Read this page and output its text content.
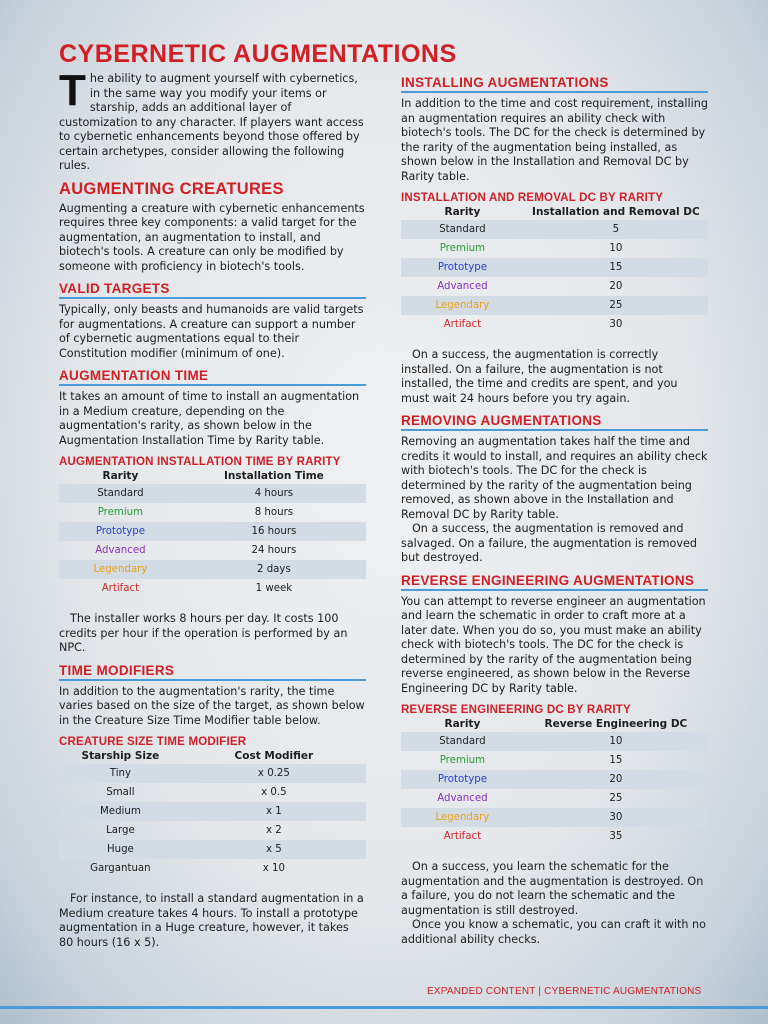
CYBERNETIC AUGMENTATIONS

The ability to augment yourself with cybernetics, in the same way you modify your items or starship, adds an additional layer of customization to any character. If players want access to cybernetic enhancements beyond those offered by certain archetypes, consider allowing the following rules.

AUGMENTING CREATURES

Augmenting a creature with cybernetic enhancements requires three key components: a valid target for the augmentation, an augmentation to install, and biotech's tools. A creature can only be modified by someone with proficiency in biotech's tools.

VALID TARGETS

Typically, only beasts and humanoids are valid targets for augmentations. A creature can support a number of cybernetic augmentations equal to their Constitution modifier (minimum of one).

AUGMENTATION TIME

It takes an amount of time to install an augmentation in a Medium creature, depending on the augmentation's rarity, as shown below in the Augmentation Installation Time by Rarity table.

AUGMENTATION INSTALLATION TIME BY RARITY
Rarity	Installation Time
Standard	4 hours
Premium	8 hours
Prototype	16 hours
Advanced	24 hours
Legendary	2 days
Artifact	1 week

The installer works 8 hours per day. It costs 100 credits per hour if the operation is performed by an NPC.

TIME MODIFIERS

In addition to the augmentation's rarity, the time varies based on the size of the target, as shown below in the Creature Size Time Modifier table below.

CREATURE SIZE TIME MODIFIER
Starship Size	Cost Modifier
Tiny	x 0.25
Small	x 0.5
Medium	x 1
Large	x 2
Huge	x 5
Gargantuan	x 10

For instance, to install a standard augmentation in a Medium creature takes 4 hours. To install a prototype augmentation in a Huge creature, however, it takes 80 hours (16 x 5).

INSTALLING AUGMENTATIONS

In addition to the time and cost requirement, installing an augmentation requires an ability check with biotech's tools. The DC for the check is determined by the rarity of the augmentation being installed, as shown below in the Installation and Removal DC by Rarity table.

INSTALLATION AND REMOVAL DC BY RARITY
Rarity	Installation and Removal DC
Standard	5
Premium	10
Prototype	15
Advanced	20
Legendary	25
Artifact	30

On a success, the augmentation is correctly installed. On a failure, the augmentation is not installed, the time and credits are spent, and you must wait 24 hours before you try again.

REMOVING AUGMENTATIONS

Removing an augmentation takes half the time and credits it would to install, and requires an ability check with biotech's tools. The DC for the check is determined by the rarity of the augmentation being removed, as shown above in the Installation and Removal DC by Rarity table.

On a success, the augmentation is removed and salvaged. On a failure, the augmentation is removed but destroyed.

REVERSE ENGINEERING AUGMENTATIONS

You can attempt to reverse engineer an augmentation and learn the schematic in order to craft more at a later date. When you do so, you must make an ability check with biotech's tools. The DC for the check is determined by the rarity of the augmentation being reverse engineered, as shown below in the Reverse Engineering DC by Rarity table.

REVERSE ENGINEERING DC BY RARITY
Rarity	Reverse Engineering DC
Standard	10
Premium	15
Prototype	20
Advanced	25
Legendary	30
Artifact	35

On a success, you learn the schematic for the augmentation and the augmentation is destroyed. On a failure, you do not learn the schematic and the augmentation is still destroyed.

Once you know a schematic, you can craft it with no additional ability checks.

EXPANDED CONTENT | CYBERNETIC AUGMENTATIONS
